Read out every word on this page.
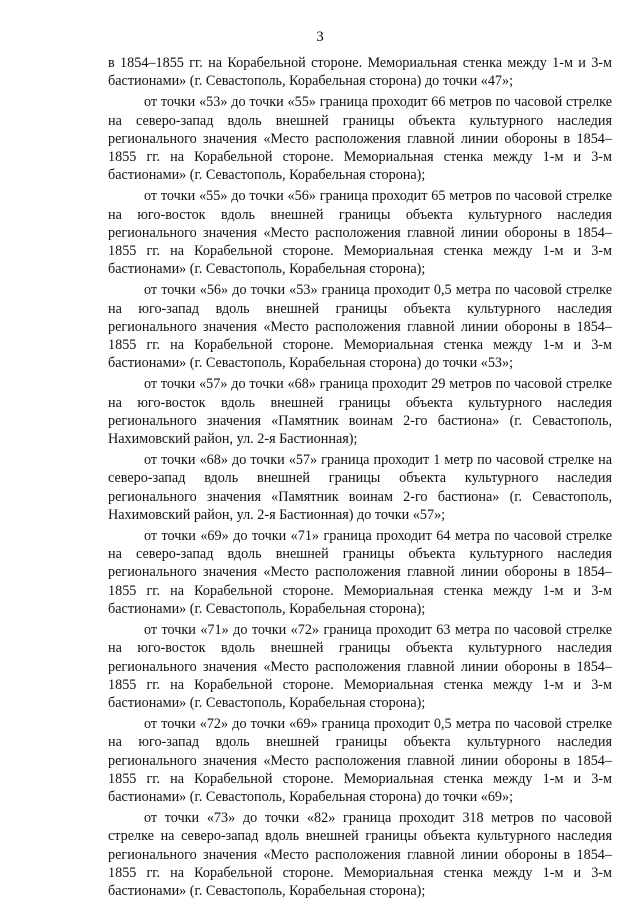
3

в 1854–1855 гг. на Корабельной стороне. Мемориальная стенка между 1-м и 3-м бастионами» (г. Севастополь, Корабельная сторона) до точки «47»;

от точки «53» до точки «55» граница проходит 66 метров по часовой стрелке на северо-запад вдоль внешней границы объекта культурного наследия регионального значения «Место расположения главной линии обороны в 1854–1855 гг. на Корабельной стороне. Мемориальная стенка между 1-м и 3-м бастионами» (г. Севастополь, Корабельная сторона);

от точки «55» до точки «56» граница проходит 65 метров по часовой стрелке на юго-восток вдоль внешней границы объекта культурного наследия регионального значения «Место расположения главной линии обороны в 1854–1855 гг. на Корабельной стороне. Мемориальная стенка между 1-м и 3-м бастионами» (г. Севастополь, Корабельная сторона);

от точки «56» до точки «53» граница проходит 0,5 метра по часовой стрелке на юго-запад вдоль внешней границы объекта культурного наследия регионального значения «Место расположения главной линии обороны в 1854–1855 гг. на Корабельной стороне. Мемориальная стенка между 1-м и 3-м бастионами» (г. Севастополь, Корабельная сторона) до точки «53»;

от точки «57» до точки «68» граница проходит 29 метров по часовой стрелке на юго-восток вдоль внешней границы объекта культурного наследия регионального значения «Памятник воинам 2-го бастиона» (г. Севастополь, Нахимовский район, ул. 2-я Бастионная);

от точки «68» до точки «57» граница проходит 1 метр по часовой стрелке на северо-запад вдоль внешней границы объекта культурного наследия регионального значения «Памятник воинам 2-го бастиона» (г. Севастополь, Нахимовский район, ул. 2-я Бастионная) до точки «57»;

от точки «69» до точки «71» граница проходит 64 метра по часовой стрелке на северо-запад вдоль внешней границы объекта культурного наследия регионального значения «Место расположения главной линии обороны в 1854–1855 гг. на Корабельной стороне. Мемориальная стенка между 1-м и 3-м бастионами» (г. Севастополь, Корабельная сторона);

от точки «71» до точки «72» граница проходит 63 метра по часовой стрелке на юго-восток вдоль внешней границы объекта культурного наследия регионального значения «Место расположения главной линии обороны в 1854–1855 гг. на Корабельной стороне. Мемориальная стенка между 1-м и 3-м бастионами» (г. Севастополь, Корабельная сторона);

от точки «72» до точки «69» граница проходит 0,5 метра по часовой стрелке на юго-запад вдоль внешней границы объекта культурного наследия регионального значения «Место расположения главной линии обороны в 1854–1855 гг. на Корабельной стороне. Мемориальная стенка между 1-м и 3-м бастионами» (г. Севастополь, Корабельная сторона) до точки «69»;

от точки «73» до точки «82» граница проходит 318 метров по часовой стрелке на северо-запад вдоль внешней границы объекта культурного наследия регионального значения «Место расположения главной линии обороны в 1854–1855 гг. на Корабельной стороне. Мемориальная стенка между 1-м и 3-м бастионами» (г. Севастополь, Корабельная сторона);
